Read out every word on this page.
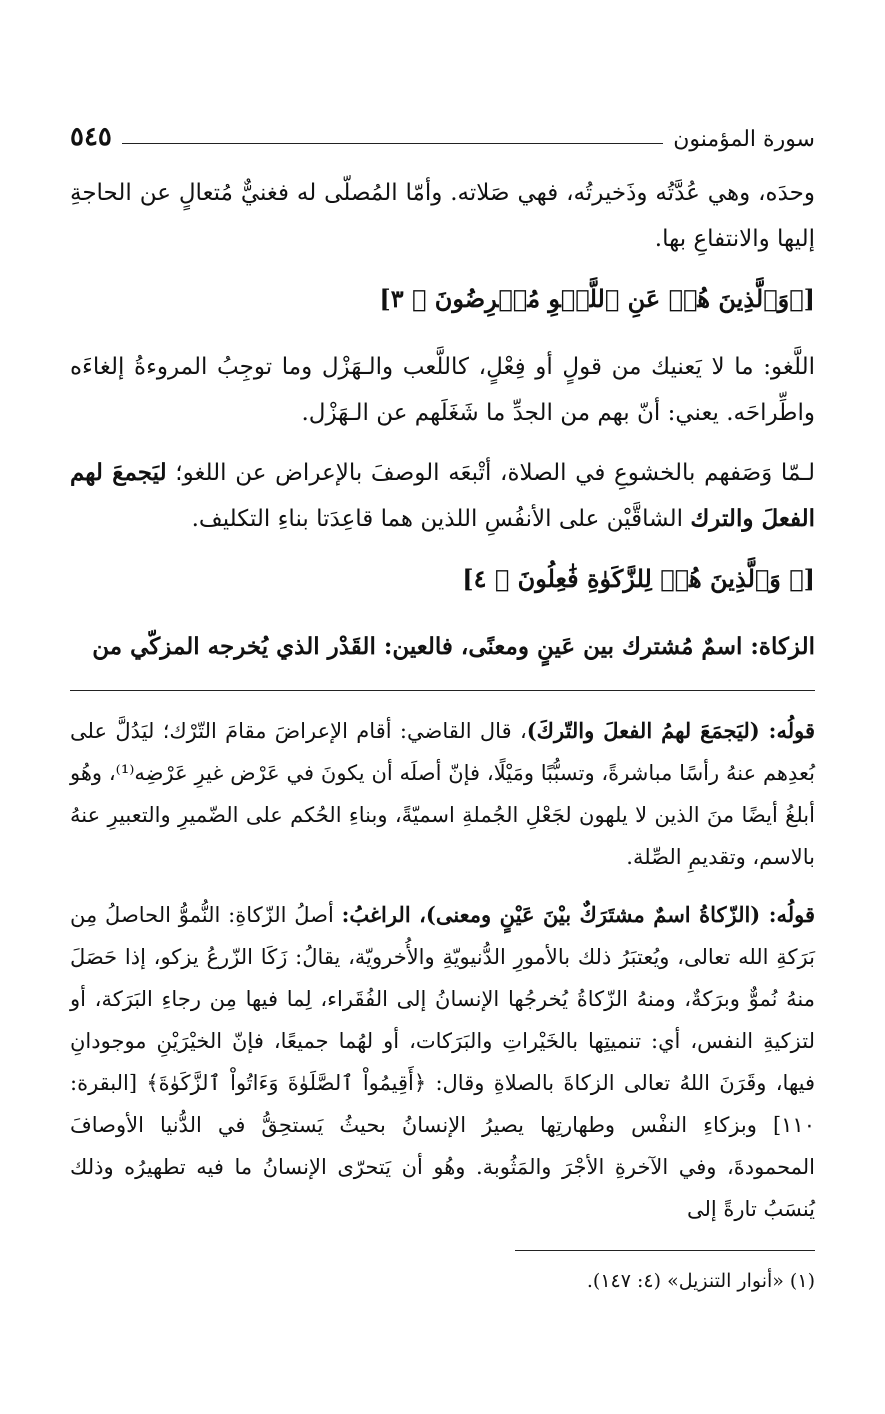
سورة المؤمنون
٥٤٥

وحدَه، وهي عُدَّتُه وذَخيرتُه، فهي صَلاته. وأمّا المُصلّى له فغنيٌّ مُتعالٍ عن الحاجةِ إليها والانتفاعِ بها.

[﴿وَٱلَّذِينَ هُمۡ عَنِ ٱللَّغۡوِ مُعۡرِضُونَ ﴾ ٣]

اللَّغو: ما لا يَعنيك من قولٍ أو فِعْلٍ، كاللَّعب والـهَزْل وما توجِبُ المروءةُ إلغاءَه واطِّراحَه. يعني: أنّ بهم من الجدِّ ما شَغَلَهم عن الـهَزْل.

لـمّا وَصَفهم بالخشوعِ في الصلاة، أتْبعَه الوصفَ بالإعراض عن اللغو؛ ليَجمعَ لهم الفعلَ والترك الشاقَّيْن على الأنفُسِ اللذين هما قاعِدَتا بناءِ التكليف.

[﴿ وَٱلَّذِينَ هُمۡ لِلزَّكَوٰةِ فَٰعِلُونَ ﴾ ٤]

الزكاة: اسمٌ مُشترك بين عَينٍ ومعنًى، فالعين: القَدْر الذي يُخرجه المزكّي من

قولُه: (ليَجمَعَ لهمُ الفعلَ والتّركَ)، قال القاضي: أقام الإعراضَ مقامَ التّرْك؛ ليَدُلَّ على بُعدِهم عنهُ رأسًا مباشرةً، وتسبُّبًا ومَيْلًا، فإنّ أصلَه أن يكونَ في عَرْض غيرِ عَرْضِه⁽¹⁾، وهُو أبلغُ أيضًا منَ الذين لا يلهون لجَعْلِ الجُملةِ اسميّةً، وبناءِ الحُكم على الضّميرِ والتعبيرِ عنهُ بالاسم، وتقديمِ الصِّلة.

قولُه: (الزّكاةُ اسمٌ مشتَرَكٌ بيْنَ عَيْنٍ ومعنى)، الراغبُ: أصلُ الزّكاةِ: النُّموُّ الحاصلُ مِن بَرَكةِ الله تعالى، ويُعتبَرُ ذلك بالأمورِ الدُّنيويّةِ والأُخرويّة، يقالُ: زَكَا الزّرعُ يزكو، إذا حَصَلَ منهُ نُموٌّ وبرَكةٌ، ومنهُ الزّكاةُ يُخرجُها الإنسانُ إلى الفُقَراء، لِما فيها مِن رجاءِ البَرَكة، أو لتزكيةِ النفس، أي: تنميتِها بالخَيْراتِ والبَرَكات، أو لهُما جميعًا، فإنّ الخيْرَيْنِ موجودانِ فيها، وقَرَنَ اللهُ تعالى الزكاةَ بالصلاةِ وقال: ﴿أَقِيمُواْ ٱلصَّلَوٰةَ وَءَاتُواْ ٱلزَّكَوٰةَ﴾ [البقرة: ١١٠] وبزكاءِ النفْس وطهارتِها يصيرُ الإنسانُ بحيثُ يَستحِقُّ في الدُّنيا الأوصافَ المحمودةَ، وفي الآخرةِ الأجْرَ والمَثُوبة. وهُو أن يَتحرّى الإنسانُ ما فيه تطهيرُه وذلك يُنسَبُ تارةً إلى

(١) «أنوار التنزيل» (٤: ١٤٧).
